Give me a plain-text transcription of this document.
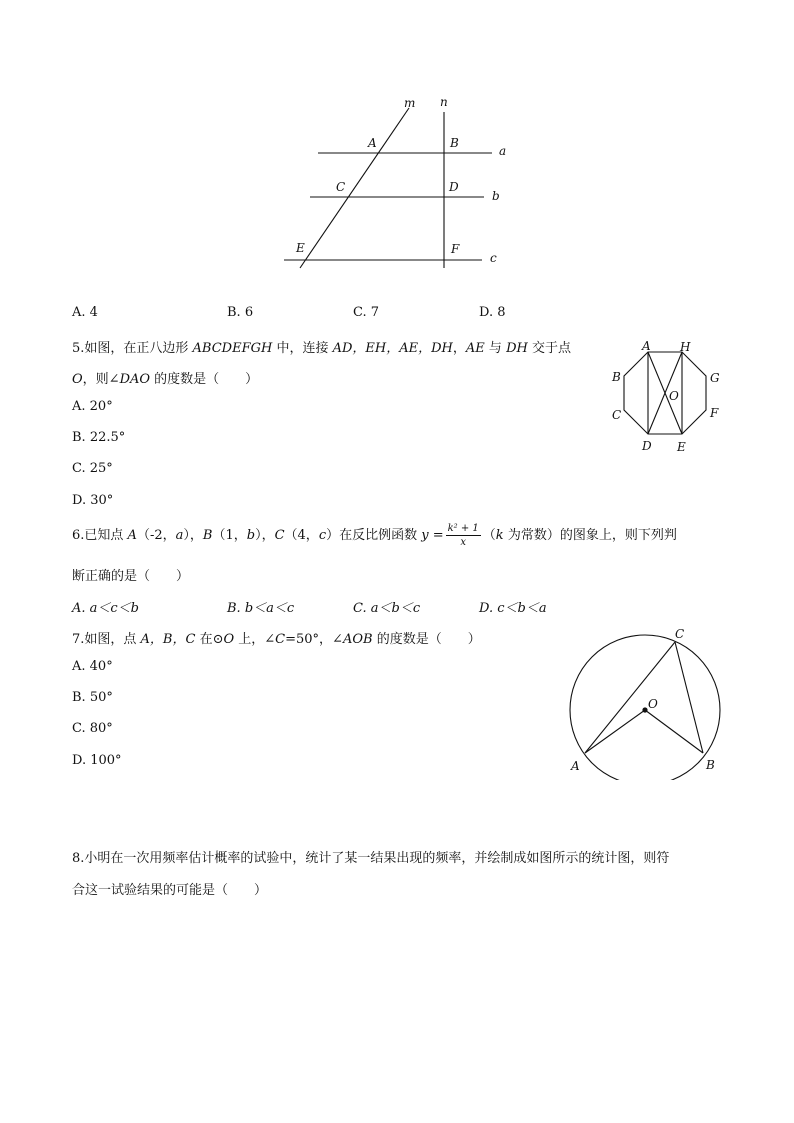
m n
A	B
C	D
E	F
a
b
c
A. 4	B. 6	C. 7	D. 8
5.如图，在正八边形 ABCDEFGH 中，连接 AD，EH，AE，DH，AE 与 DH 交于点
O，则∠DAO 的度数是（　　）
A. 20°
B. 22.5°
C. 25°
D. 30°
A H
B	G
O
C	F
D E
6.已知点 A（-2，a），B（1，b），C（4，c）在反比例函数 $y = \frac{\text{k² + 1}}{x} (k$ 为常数）的图象上，则下列判
断正确的是（　　）
A. a＜c＜b	B. b＜a＜c	C. a＜b＜c	D. c＜b＜a
7.如图，点 A，B，C 在⊙O 上，∠C=50°，∠AOB 的度数是（　　）
A. 40°
B. 50°
C. 80°
D. 100°
C
O
A	B
8.小明在一次用频率估计概率的试验中，统计了某一结果出现的频率，并绘制成如图所示的统计图，则符
合这一试验结果的可能是（　　）
